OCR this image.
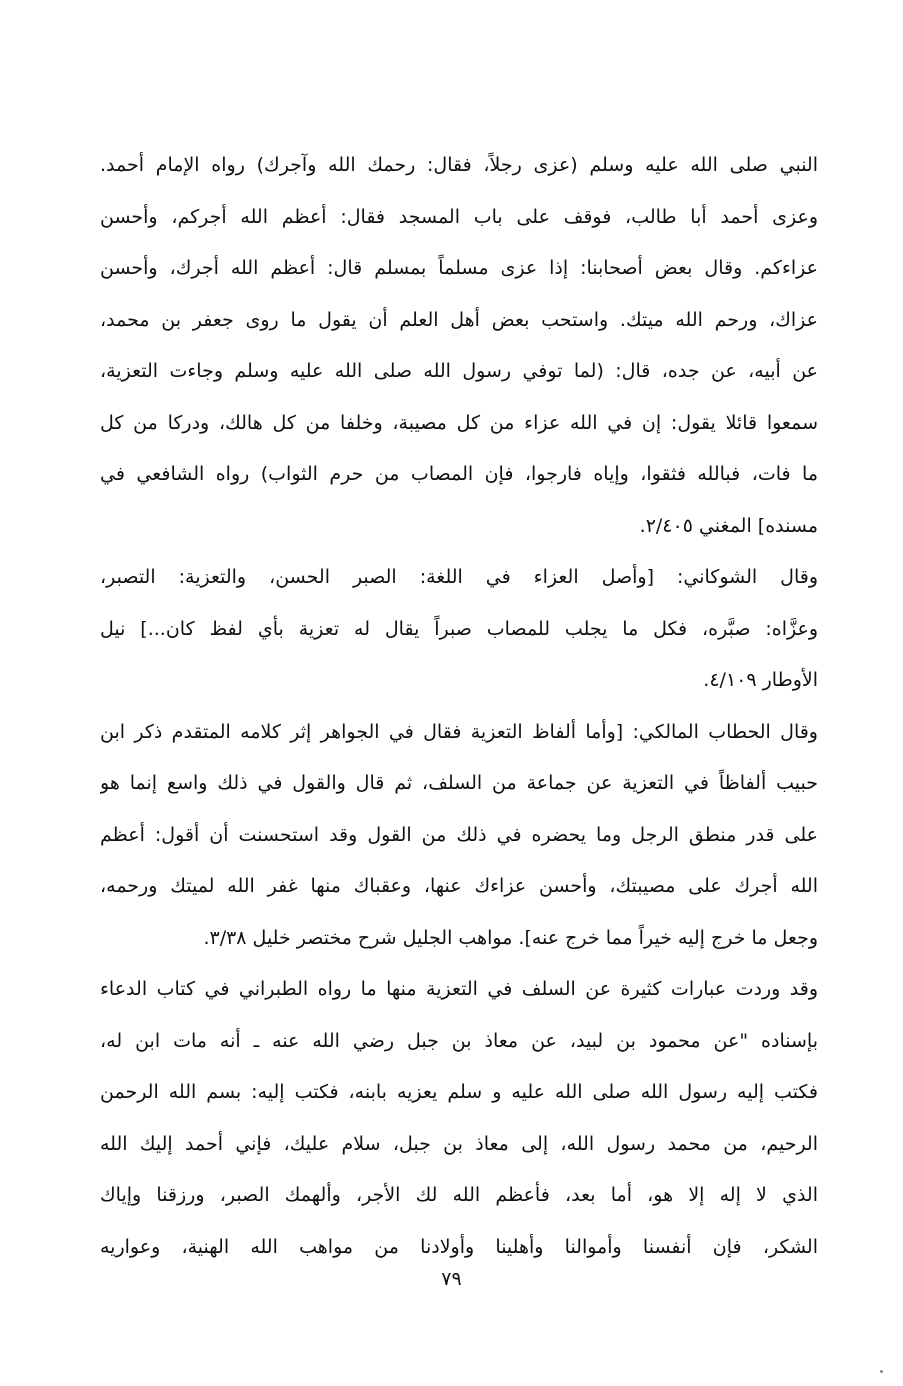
النبي صلى الله عليه وسلم (عزى رجلاً، فقال: رحمك الله وآجرك) رواه الإمام أحمد.
وعزى أحمد أبا طالب، فوقف على باب المسجد فقال: أعظم الله أجركم، وأحسن
عزاءكم. وقال بعض أصحابنا: إذا عزى مسلماً بمسلم قال: أعظم الله أجرك، وأحسن
عزاك، ورحم الله ميتك. واستحب بعض أهل العلم أن يقول ما روى جعفر بن محمد،
عن أبيه، عن جده، قال: (لما توفي رسول الله صلى الله عليه وسلم وجاءت التعزية،
سمعوا قائلا يقول: إن في الله عزاء من كل مصيبة، وخلفا من كل هالك، ودركا من كل
ما فات، فبالله فثقوا، وإياه فارجوا، فإن المصاب من حرم الثواب) رواه الشافعي في
مسنده] المغني ٢/٤٠٥.
وقال الشوكاني: [وأصل العزاء في اللغة: الصبر الحسن، والتعزية: التصبر،
وعزَّاه: صبَّره، فكل ما يجلب للمصاب صبراً يقال له تعزية بأي لفظ كان...] نيل
الأوطار ٤/١٠٩.
وقال الحطاب المالكي: [وأما ألفاظ التعزية فقال في الجواهر إثر كلامه المتقدم ذكر ابن
حبيب ألفاظاً في التعزية عن جماعة من السلف، ثم قال والقول في ذلك واسع إنما هو
على قدر منطق الرجل وما يحضره في ذلك من القول وقد استحسنت أن أقول: أعظم
الله أجرك على مصيبتك، وأحسن عزاءك عنها، وعقباك منها غفر الله لميتك ورحمه،
وجعل ما خرج إليه خيراً مما خرج عنه]. مواهب الجليل شرح مختصر خليل ٣/٣٨.
وقد وردت عبارات كثيرة عن السلف في التعزية منها ما رواه الطبراني في كتاب الدعاء
بإسناده "عن محمود بن لبيد، عن معاذ بن جبل رضي الله عنه ـ أنه مات ابن له،
فكتب إليه رسول الله صلى الله عليه و سلم يعزيه بابنه، فكتب إليه: بسم الله الرحمن
الرحيم، من محمد رسول الله، إلى معاذ بن جبل، سلام عليك، فإني أحمد إليك الله
الذي لا إله إلا هو، أما بعد، فأعظم الله لك الأجر، وألهمك الصبر، ورزقنا وإياك
الشكر، فإن أنفسنا وأموالنا وأهلينا وأولادنا من مواهب الله الهنية، وعواريه
٧٩
